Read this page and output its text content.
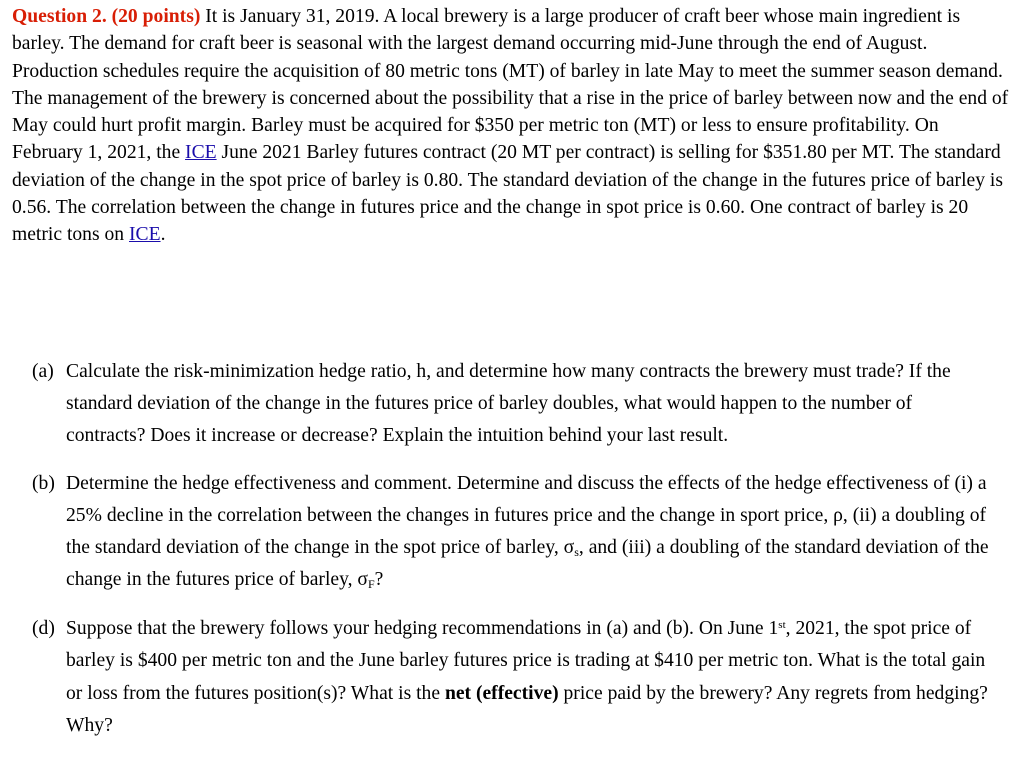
Question 2. (20 points) It is January 31, 2019. A local brewery is a large producer of craft beer whose main ingredient is barley. The demand for craft beer is seasonal with the largest demand occurring mid-June through the end of August. Production schedules require the acquisition of 80 metric tons (MT) of barley in late May to meet the summer season demand. The management of the brewery is concerned about the possibility that a rise in the price of barley between now and the end of May could hurt profit margin. Barley must be acquired for $350 per metric ton (MT) or less to ensure profitability. On February 1, 2021, the ICE June 2021 Barley futures contract (20 MT per contract) is selling for $351.80 per MT. The standard deviation of the change in the spot price of barley is 0.80. The standard deviation of the change in the futures price of barley is 0.56. The correlation between the change in futures price and the change in spot price is 0.60. One contract of barley is 20 metric tons on ICE.

(a) Calculate the risk-minimization hedge ratio, h, and determine how many contracts the brewery must trade? If the standard deviation of the change in the futures price of barley doubles, what would happen to the number of contracts? Does it increase or decrease? Explain the intuition behind your last result.
(b) Determine the hedge effectiveness and comment. Determine and discuss the effects of the hedge effectiveness of (i) a 25% decline in the correlation between the changes in futures price and the change in sport price, ρ, (ii) a doubling of the standard deviation of the change in the spot price of barley, $\sigma_s$, and (iii) a doubling of the standard deviation of the change in the futures price of barley, $\sigma_F$?
(d) Suppose that the brewery follows your hedging recommendations in (a) and (b). On June 1st, 2021, the spot price of barley is $400 per metric ton and the June barley futures price is trading at $410 per metric ton. What is the total gain or loss from the futures position(s)? What is the net (effective) price paid by the brewery? Any regrets from hedging? Why?
